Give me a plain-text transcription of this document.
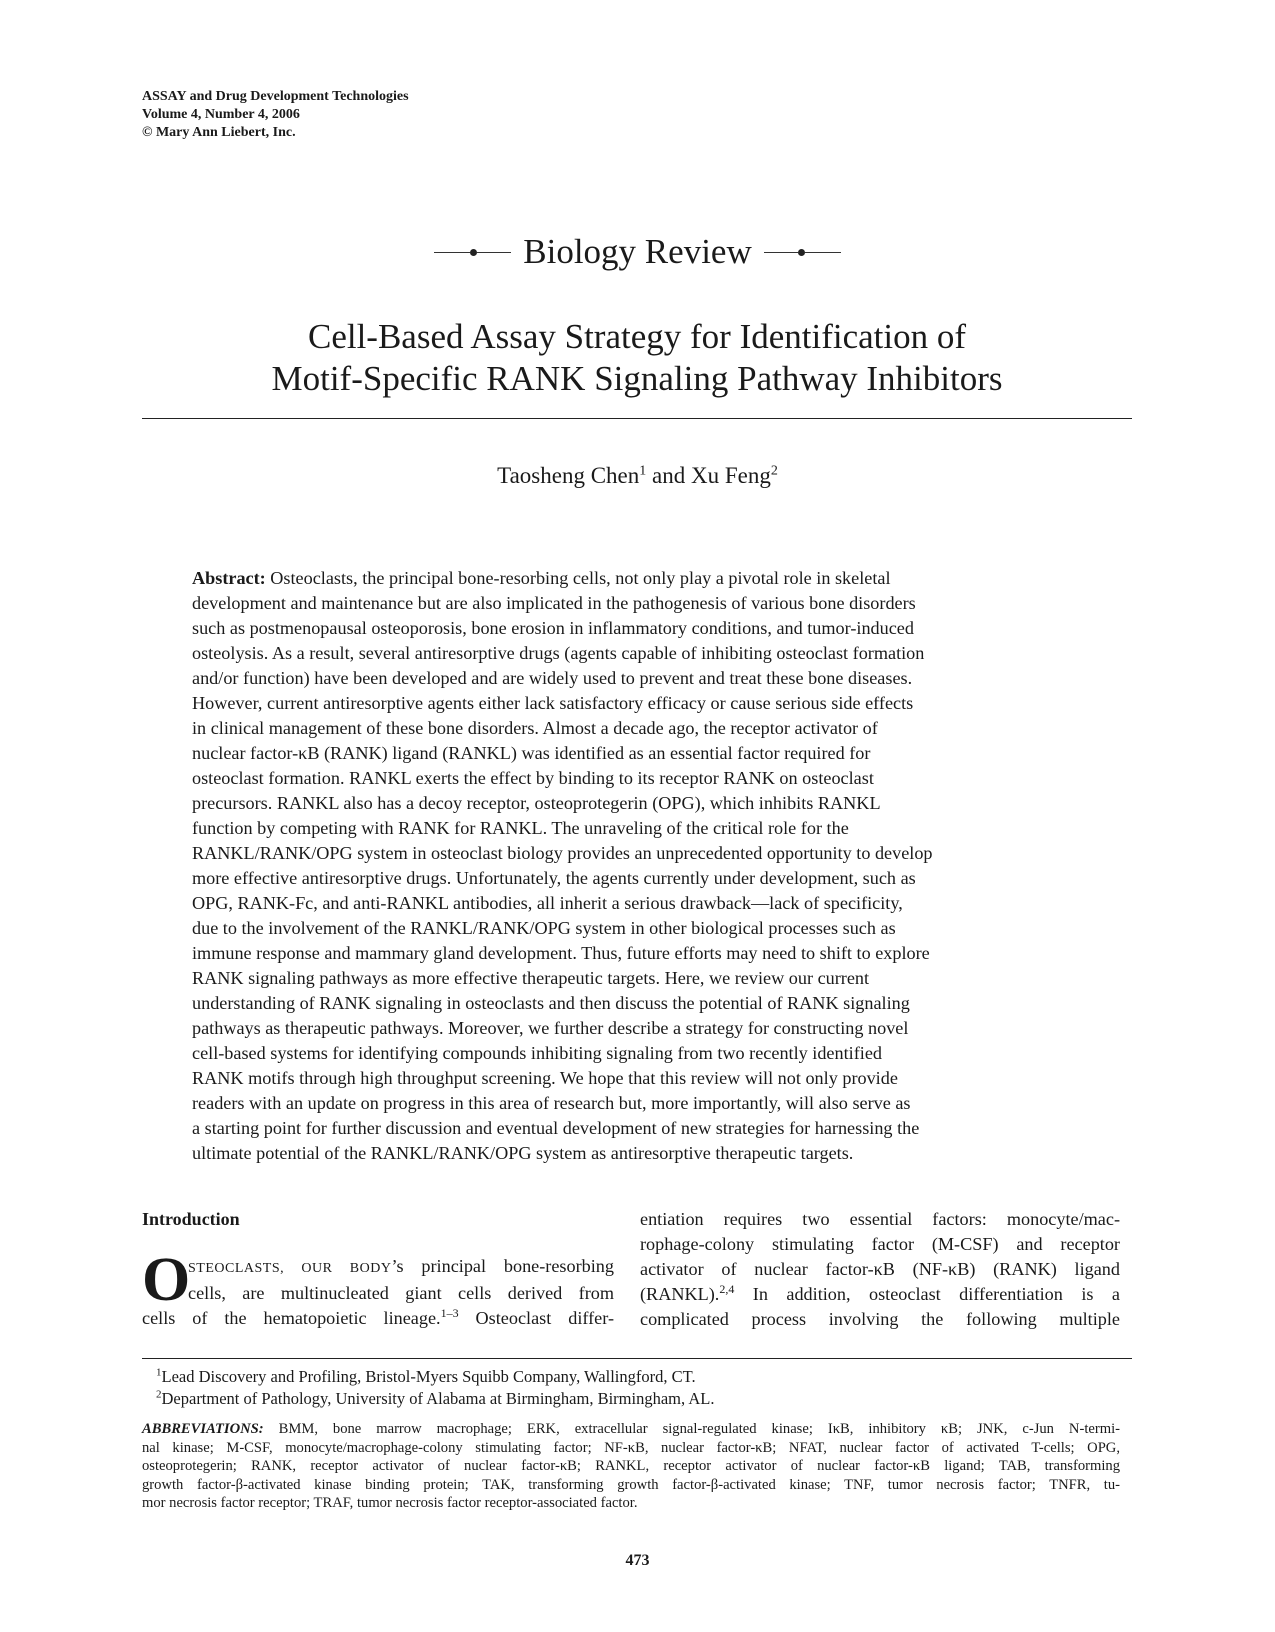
ASSAY and Drug Development Technologies
Volume 4, Number 4, 2006
© Mary Ann Liebert, Inc.
Biology Review
Cell-Based Assay Strategy for Identification of
Motif-Specific RANK Signaling Pathway Inhibitors
Taosheng Chen$^1$ and Xu Feng$^2$
Abstract: Osteoclasts, the principal bone-resorbing cells, not only play a pivotal role in skeletal
development and maintenance but are also implicated in the pathogenesis of various bone disorders
such as postmenopausal osteoporosis, bone erosion in inflammatory conditions, and tumor-induced
osteolysis. As a result, several antiresorptive drugs (agents capable of inhibiting osteoclast formation
and/or function) have been developed and are widely used to prevent and treat these bone diseases.
However, current antiresorptive agents either lack satisfactory efficacy or cause serious side effects
in clinical management of these bone disorders. Almost a decade ago, the receptor activator of
nuclear factor-κB (RANK) ligand (RANKL) was identified as an essential factor required for
osteoclast formation. RANKL exerts the effect by binding to its receptor RANK on osteoclast
precursors. RANKL also has a decoy receptor, osteoprotegerin (OPG), which inhibits RANKL
function by competing with RANK for RANKL. The unraveling of the critical role for the
RANKL/RANK/OPG system in osteoclast biology provides an unprecedented opportunity to develop
more effective antiresorptive drugs. Unfortunately, the agents currently under development, such as
OPG, RANK-Fc, and anti-RANKL antibodies, all inherit a serious drawback—lack of specificity,
due to the involvement of the RANKL/RANK/OPG system in other biological processes such as
immune response and mammary gland development. Thus, future efforts may need to shift to explore
RANK signaling pathways as more effective therapeutic targets. Here, we review our current
understanding of RANK signaling in osteoclasts and then discuss the potential of RANK signaling
pathways as therapeutic pathways. Moreover, we further describe a strategy for constructing novel
cell-based systems for identifying compounds inhibiting signaling from two recently identified
RANK motifs through high throughput screening. We hope that this review will not only provide
readers with an update on progress in this area of research but, more importantly, will also serve as
a starting point for further discussion and eventual development of new strategies for harnessing the
ultimate potential of the RANKL/RANK/OPG system as antiresorptive therapeutic targets.
Introduction
O
STEOCLASTS, OUR BODY’s principal bone-resorbing
cells, are multinucleated giant cells derived from
cells of the hematopoietic lineage.$^{1-3}$ Osteoclast differ-
entiation requires two essential factors: monocyte/mac-
rophage-colony stimulating factor (M-CSF) and receptor
activator of nuclear factor-κB (NF-κB) (RANK) ligand
(RANKL).$^{2,4}$ In addition, osteoclast differentiation is a
complicated process involving the following multiple
$^1$Lead Discovery and Profiling, Bristol-Myers Squibb Company, Wallingford, CT.
$^2$Department of Pathology, University of Alabama at Birmingham, Birmingham, AL.
ABBREVIATIONS: BMM, bone marrow macrophage; ERK, extracellular signal-regulated kinase; IκB, inhibitory κB; JNK, c-Jun N-termi-
nal kinase; M-CSF, monocyte/macrophage-colony stimulating factor; NF-κB, nuclear factor-κB; NFAT, nuclear factor of activated T-cells; OPG,
osteoprotegerin; RANK, receptor activator of nuclear factor-κB; RANKL, receptor activator of nuclear factor-κB ligand; TAB, transforming
growth factor-β-activated kinase binding protein; TAK, transforming growth factor-β-activated kinase; TNF, tumor necrosis factor; TNFR, tu-
mor necrosis factor receptor; TRAF, tumor necrosis factor receptor-associated factor.
473
